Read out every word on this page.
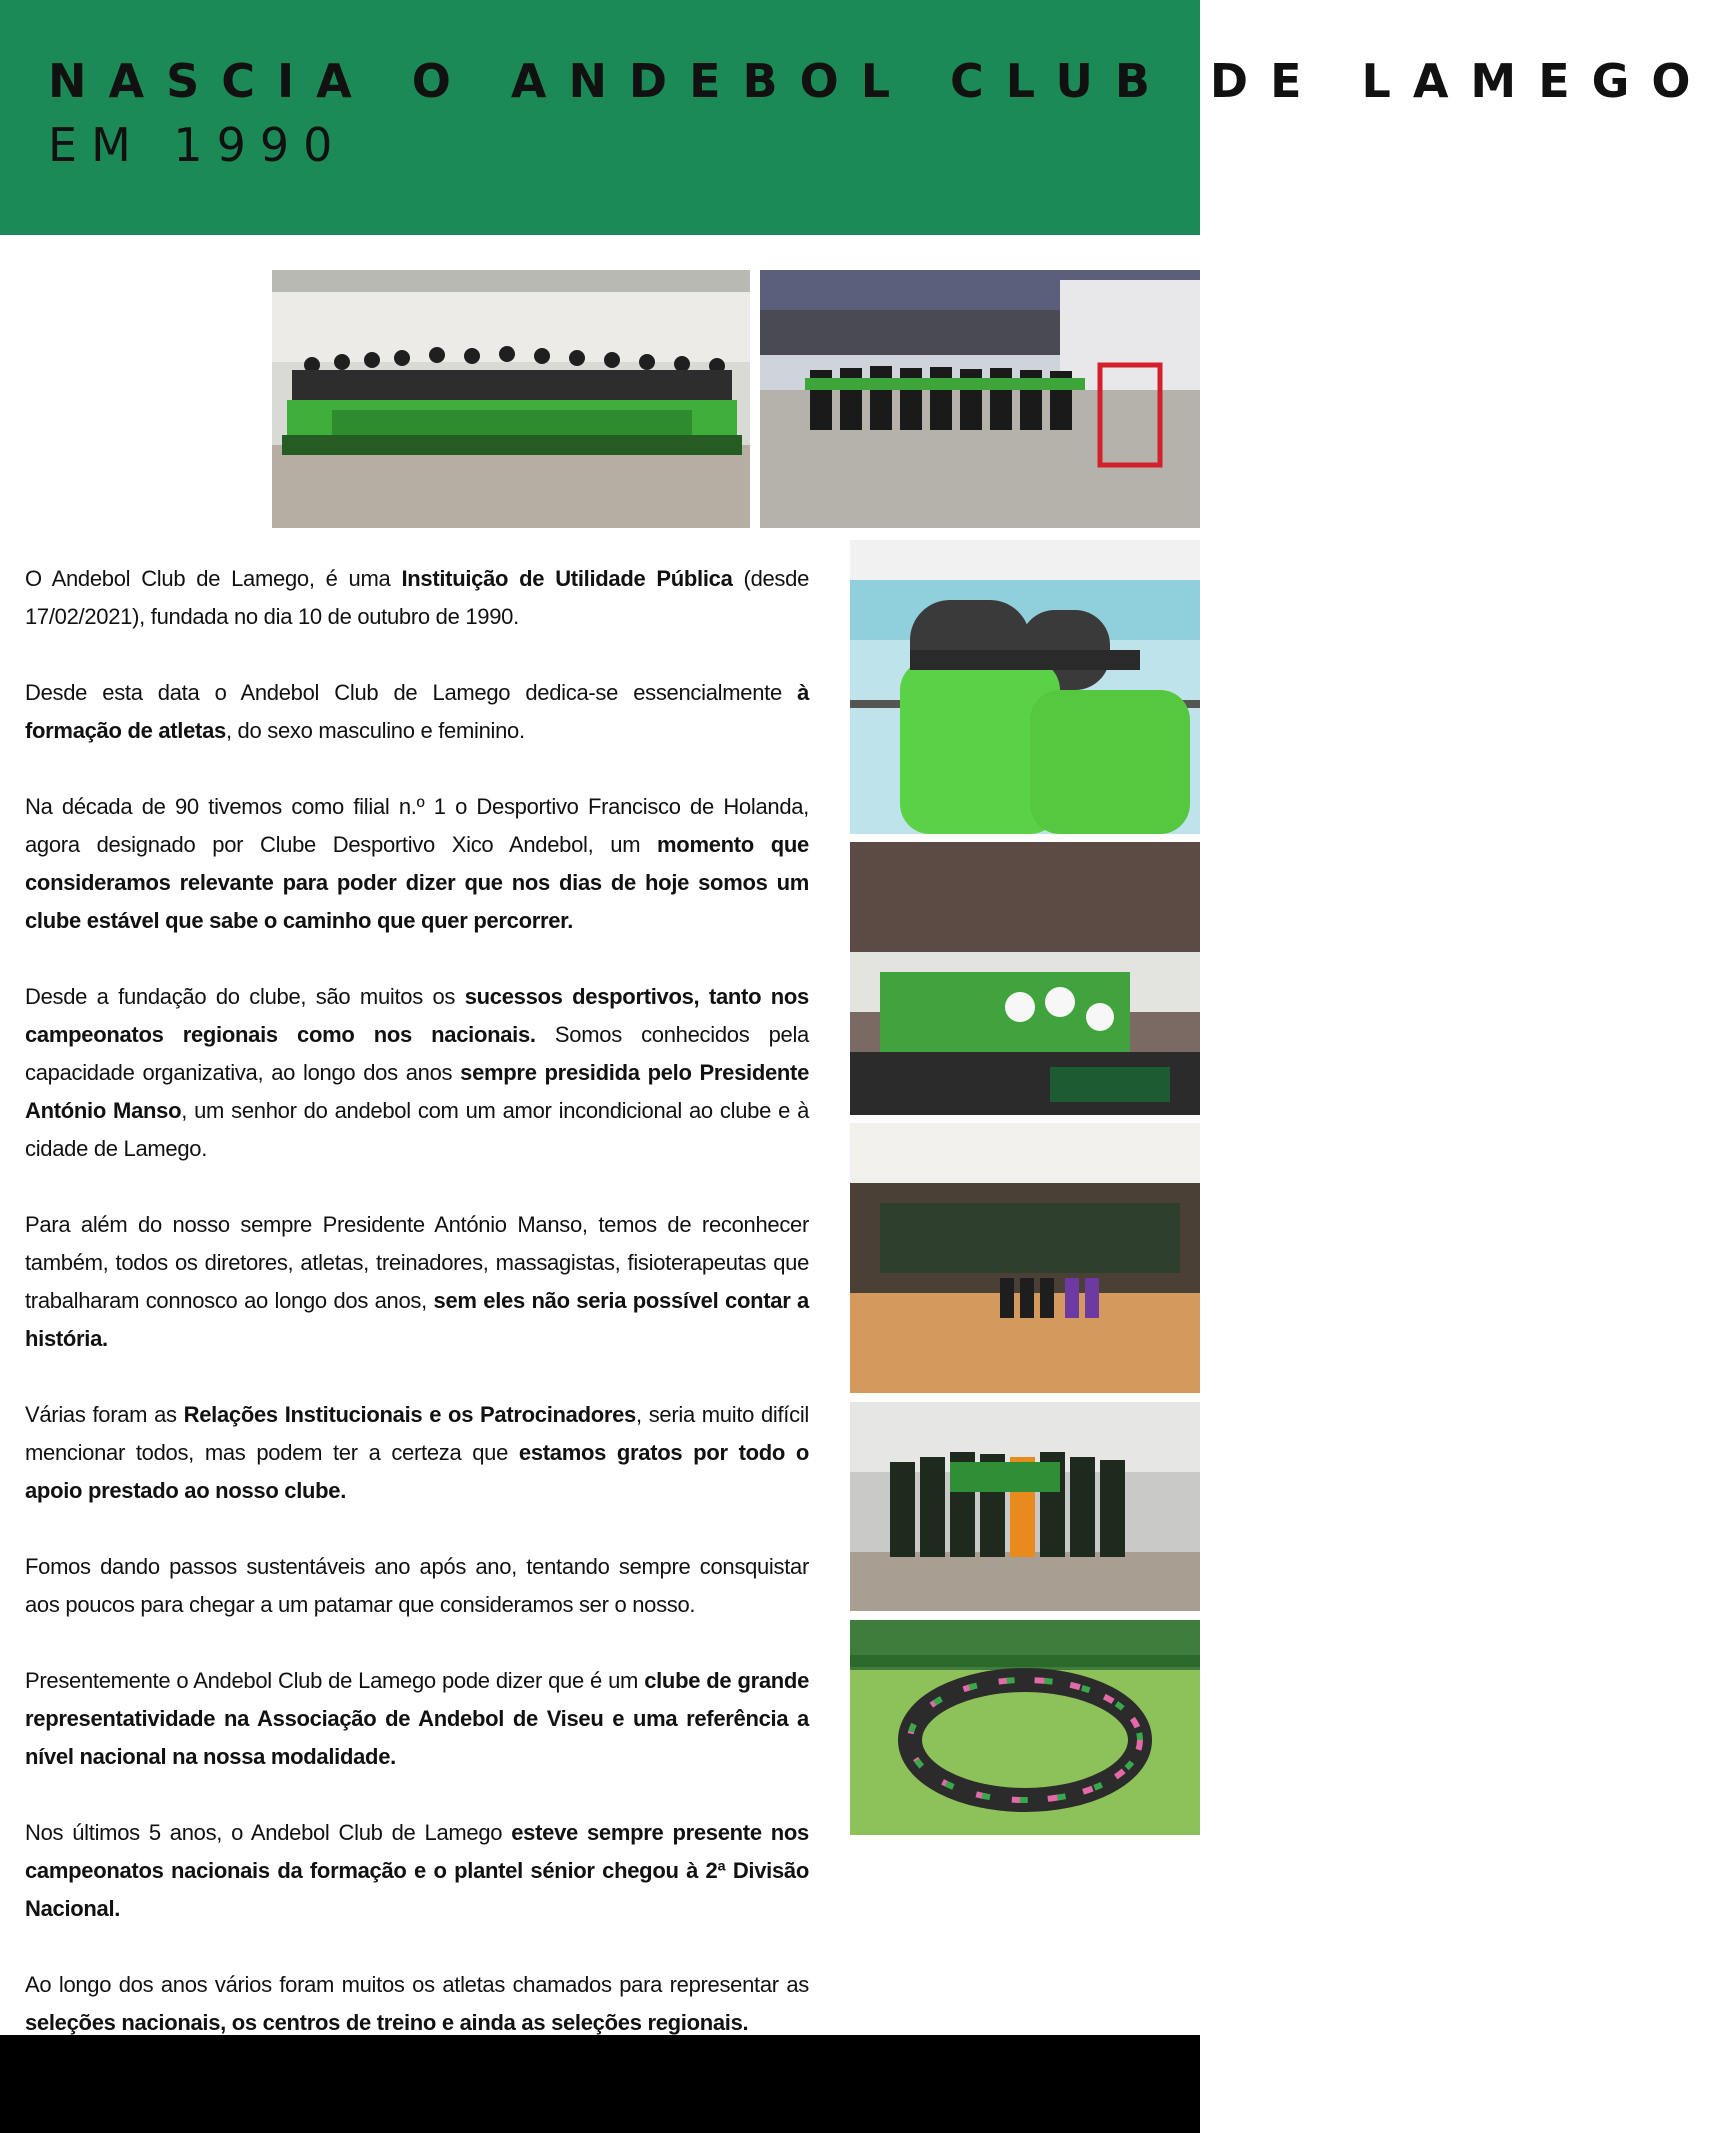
NASCIA O ANDEBOL CLUB DE LAMEGO
EM 1990

O Andebol Club de Lamego, é uma Instituição de Utilidade Pública (desde 17/02/2021), fundada no dia 10 de outubro de 1990.

Desde esta data o Andebol Club de Lamego dedica-se essencialmente à formação de atletas, do sexo masculino e feminino.

Na década de 90 tivemos como filial n.º 1 o Desportivo Francisco de Holanda, agora designado por Clube Desportivo Xico Andebol, um momento que consideramos relevante para poder dizer que nos dias de hoje somos um clube estável que sabe o caminho que quer percorrer.

Desde a fundação do clube, são muitos os sucessos desportivos, tanto nos campeonatos regionais como nos nacionais. Somos conhecidos pela capacidade organizativa, ao longo dos anos sempre presidida pelo Presidente António Manso, um senhor do andebol com um amor incondicional ao clube e à cidade de Lamego.

Para além do nosso sempre Presidente António Manso, temos de reconhecer também, todos os diretores, atletas, treinadores, massagistas, fisioterapeutas que trabalharam connosco ao longo dos anos, sem eles não seria possível contar a história.

Várias foram as Relações Institucionais e os Patrocinadores, seria muito difícil mencionar todos, mas podem ter a certeza que estamos gratos por todo o apoio prestado ao nosso clube.

Fomos dando passos sustentáveis ano após ano, tentando sempre consquistar aos poucos para chegar a um patamar que consideramos ser o nosso.

Presentemente o Andebol Club de Lamego pode dizer que é um clube de grande representatividade na Associação de Andebol de Viseu e uma referência a nível nacional na nossa modalidade.

Nos últimos 5 anos, o Andebol Club de Lamego esteve sempre presente nos campeonatos nacionais da formação e o plantel sénior chegou à 2ª Divisão Nacional.

Ao longo dos anos vários foram muitos os atletas chamados para representar as seleções nacionais, os centros de treino e ainda as seleções regionais.
